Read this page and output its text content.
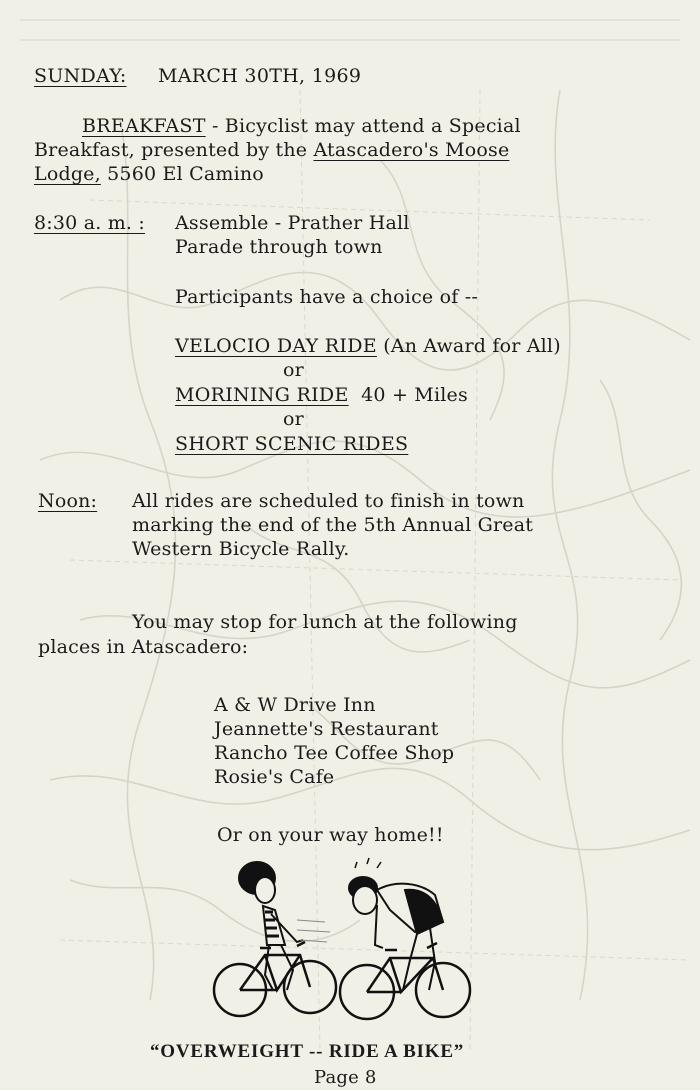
SUNDAY: MARCH 30TH, 1969
BREAKFAST - Bicyclist may attend a Special
Breakfast, presented by the Atascadero's Moose
Lodge, 5560 El Camino
8:30 a. m. : Assemble - Prather Hall
Parade through town
Participants have a choice of --
VELOCIO DAY RIDE (An Award for All)
or
MORINING RIDE 40 + Miles
or
SHORT SCENIC RIDES
Noon: All rides are scheduled to finish in town
marking the end of the 5th Annual Great
Western Bicycle Rally.
You may stop for lunch at the following
places in Atascadero:
A & W Drive Inn
Jeannette's Restaurant
Rancho Tee Coffee Shop
Rosie's Cafe
Or on your way home!!
“OVERWEIGHT -- RIDE A BIKE”
Page 8
